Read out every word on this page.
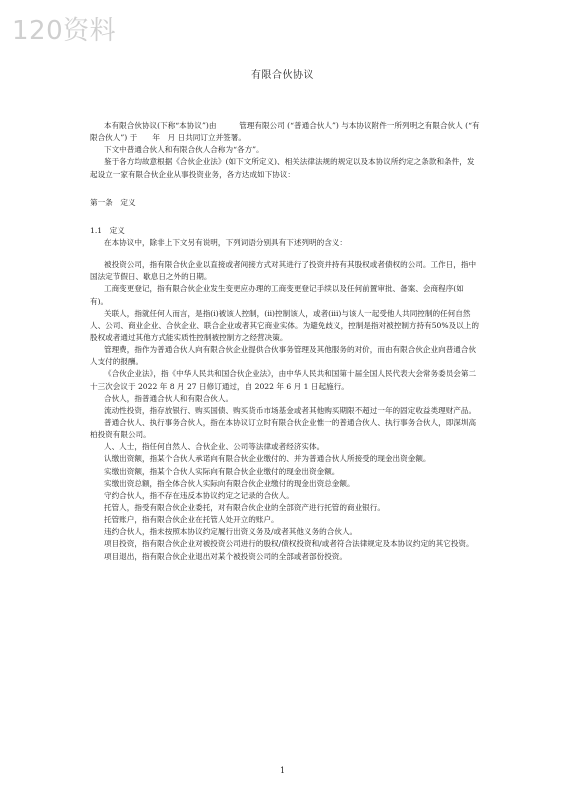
120资料
有限合伙协议

本有限合伙协议(下称“本协议”)由　　　管理有限公司 (“普通合伙人”) 与本协议附件一所列明之有限合伙人 (“有限合伙人”) 于　　年　月 日共同订立并签署。

下文中普通合伙人和有限合伙人合称为“各方”。

鉴于各方均故意根据《合伙企业法》(如下文所定义)、相关法律法规的规定以及本协议所约定之条款和条件，发起设立一家有限合伙企业从事投资业务，各方达成如下协议：

第一条　定义

1.1　定义

在本协议中，除非上下文另有说明，下列词语分别具有下述列明的含义：

被投资公司，指有限合伙企业以直接或者间接方式对其进行了投资并持有其股权或者债权的公司。工作日，指中国法定节假日、歇息日之外的日期。

工商变更登记，指有限合伙企业发生变更应办理的工商变更登记手续以及任何前置审批、备案、会商程序(如有)。

关联人，指就任何人而言，是指(i)被该人控制，(ii)控制该人，或者(iii)与该人一起受他人共同控制的任何自然人、公司、商业企业、合伙企业、联合企业或者其它商业实体。为避免歧义，控制是指对被控制方持有50%及以上的股权或者通过其他方式能实质性控制被控制方之经营决策。

管理费，指作为普通合伙人向有限合伙企业提供合伙事务管理及其他服务的对价，而由有限合伙企业向普通合伙人支付的报酬。

《合伙企业法》，指《中华人民共和国合伙企业法》，由中华人民共和国第十届全国人民代表大会常务委员会第二十三次会议于 2022 年 8 月 27 日修订通过，自 2022 年 6 月 1 日起施行。

合伙人，指普通合伙人和有限合伙人。

流动性投资，指存放银行、购买国债、购买货币市场基金或者其他购买期限不超过一年的固定收益类理财产品。

普通合伙人、执行事务合伙人，指在本协议订立时有限合伙企业惟一的普通合伙人、执行事务合伙人，即深圳高柏投资有限公司。

人、人士，指任何自然人、合伙企业、公司等法律或者经济实体。

认缴出资额，指某个合伙人承诺向有限合伙企业缴付的、并为普通合伙人所接受的现金出资金额。

实缴出资额，指某个合伙人实际向有限合伙企业缴付的现金出资金额。

实缴出资总额，指全体合伙人实际向有限合伙企业缴付的现金出资总金额。

守约合伙人，指不存在违反本协议约定之记录的合伙人。

托管人，指受有限合伙企业委托，对有限合伙企业的全部资产进行托管的商业银行。

托管账户，指有限合伙企业在托管人处开立的账户。

违约合伙人，指未按照本协议约定履行出资义务及/或者其他义务的合伙人。

项目投资，指有限合伙企业对被投资公司进行的股权/债权投资和/或者符合法律规定及本协议约定的其它投资。

项目退出，指有限合伙企业退出对某个被投资公司的全部或者部份投资。

1
